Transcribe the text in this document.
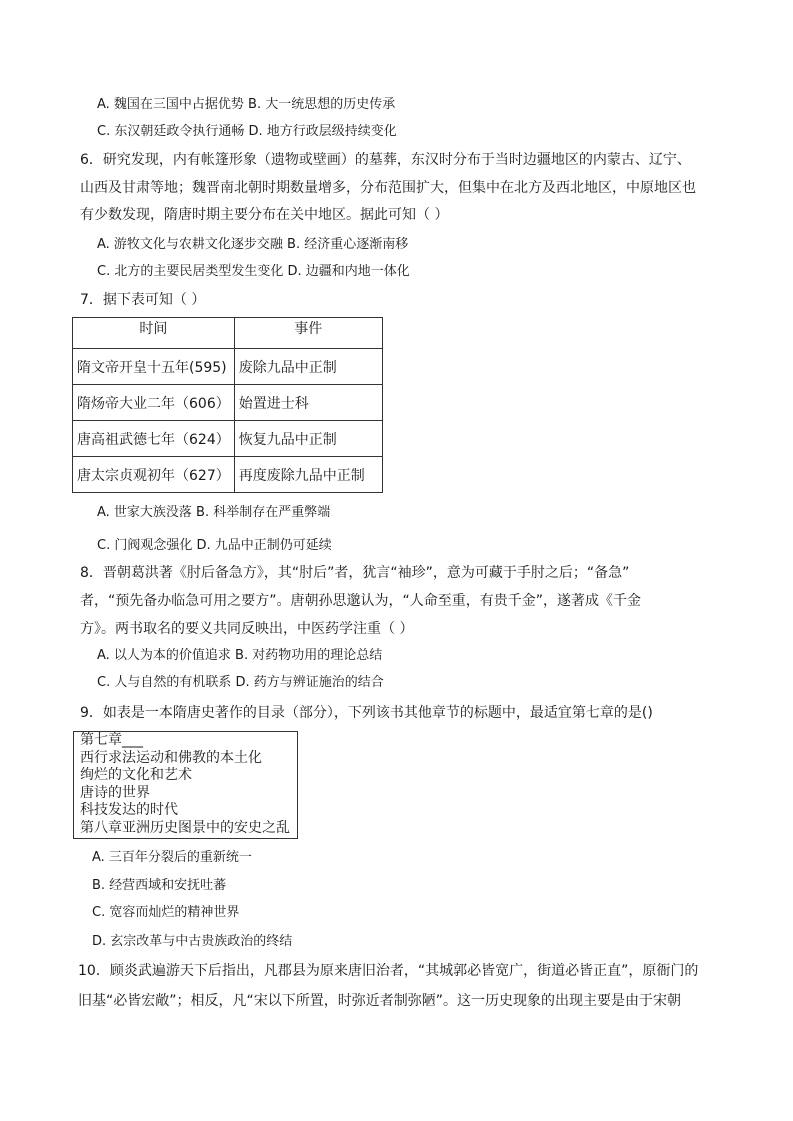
A. 魏国在三国中占据优势 B. 大一统思想的历史传承
C. 东汉朝廷政令执行通畅 D. 地方行政层级持续变化
6．研究发现，内有帐篷形象（遗物或壁画）的墓葬，东汉时分布于当时边疆地区的内蒙古、辽宁、
山西及甘肃等地；魏晋南北朝时期数量增多，分布范围扩大，但集中在北方及西北地区，中原地区也
有少数发现，隋唐时期主要分布在关中地区。据此可知（ ）
A. 游牧文化与农耕文化逐步交融 B. 经济重心逐渐南移
C. 北方的主要民居类型发生变化 D. 边疆和内地一体化
7．据下表可知（ ）
时间	事件
隋文帝开皇十五年(595)	废除九品中正制
隋炀帝大业二年（606）	始置进士科
唐高祖武德七年（624）	恢复九品中正制
唐太宗贞观初年（627）	再度废除九品中正制
A. 世家大族没落 B. 科举制存在严重弊端
C. 门阀观念强化 D. 九品中正制仍可延续
8．晋朝葛洪著《肘后备急方》，其“肘后”者，犹言“袖珍”，意为可藏于手肘之后；“备急”
者，“预先备办临急可用之要方”。唐朝孙思邈认为，“人命至重，有贵千金”，遂著成《千金
方》。两书取名的要义共同反映出，中医药学注重（ ）
A. 以人为本的价值追求 B. 对药物功用的理论总结
C. 人与自然的有机联系 D. 药方与辨证施治的结合
9．如表是一本隋唐史著作的目录（部分），下列该书其他章节的标题中，最适宜第七章的是()
第七章___
西行求法运动和佛教的本土化
绚烂的文化和艺术
唐诗的世界
科技发达的时代
第八章亚洲历史图景中的安史之乱
A. 三百年分裂后的重新统一
B. 经营西域和安抚吐蕃
C. 宽容而灿烂的精神世界
D. 玄宗改革与中古贵族政治的终结
10．顾炎武遍游天下后指出，凡郡县为原来唐旧治者，“其城郭必皆宽广，街道必皆正直”，原衙门的
旧基“必皆宏敞”；相反，凡“宋以下所置，时弥近者制弥陋”。这一历史现象的出现主要是由于宋朝
